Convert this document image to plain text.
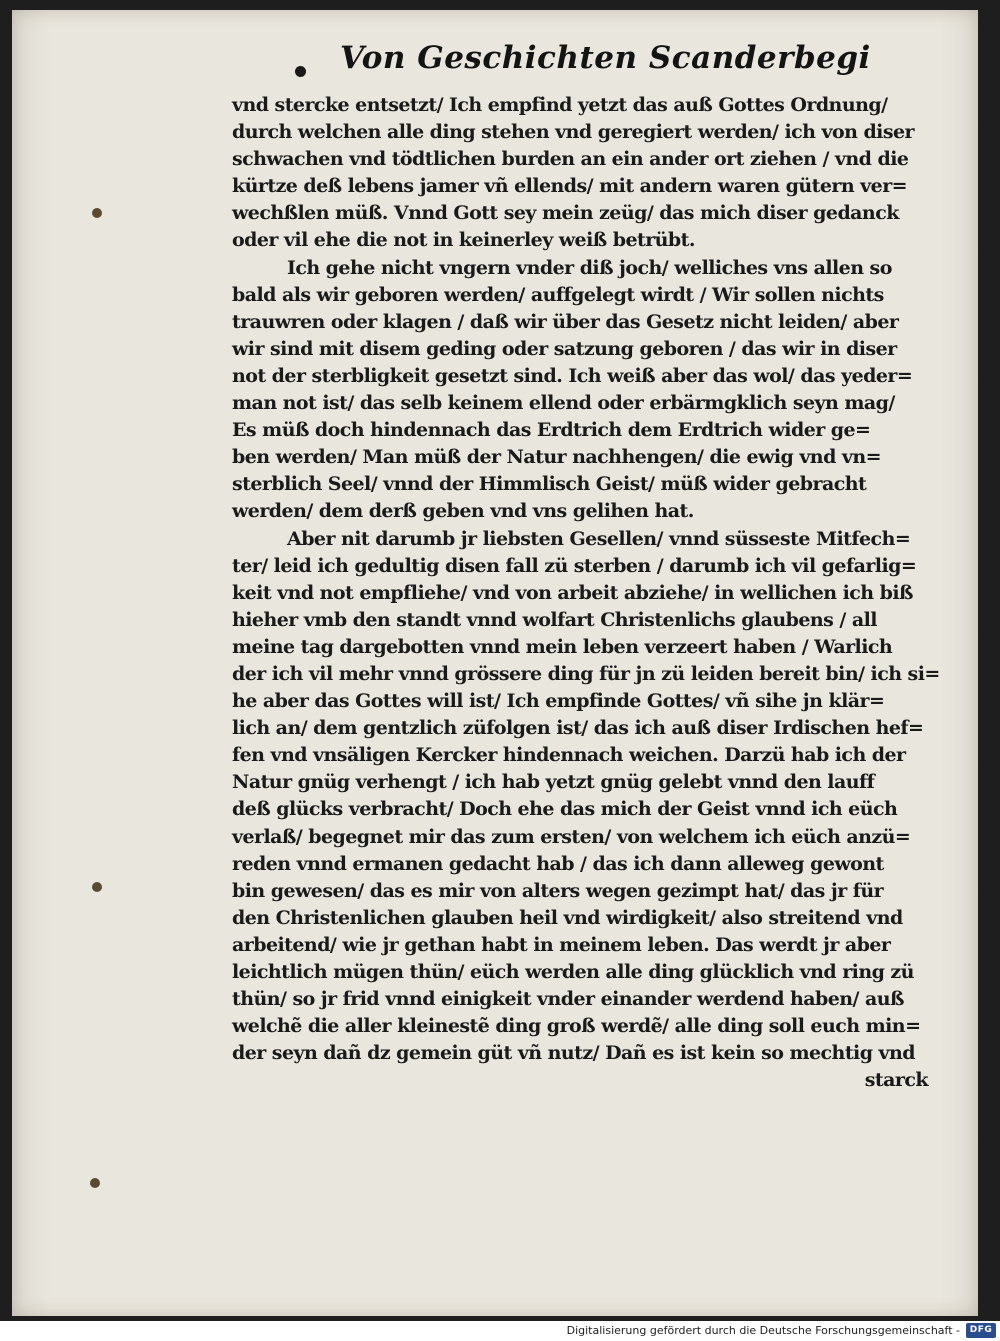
Von Geschichten Scanderbegi
vnd stercke entsetzt/ Ich empfind yetzt das auß Gottes Ordnung/
durch welchen alle ding stehen vnd geregiert werden/ ich von diser
schwachen vnd tödtlichen burden an ein ander ort ziehen / vnd die
kürtze deß lebens jamer vñ ellends/ mit andern waren gütern ver=
wechßlen müß. Vnnd Gott sey mein zeüg/ das mich diser gedanck
oder vil ehe die not in keinerley weiß betrübt.
Ich gehe nicht vngern vnder diß joch/ welliches vns allen so
bald als wir geboren werden/ auffgelegt wirdt / Wir sollen nichts
trauwren oder klagen / daß wir über das Gesetz nicht leiden/ aber
wir sind mit disem geding oder satzung geboren / das wir in diser
not der sterbligkeit gesetzt sind. Ich weiß aber das wol/ das yeder=
man not ist/ das selb keinem ellend oder erbärmgklich seyn mag/
Es müß doch hindennach das Erdtrich dem Erdtrich wider ge=
ben werden/ Man müß der Natur nachhengen/ die ewig vnd vn=
sterblich Seel/ vnnd der Himmlisch Geist/ müß wider gebracht
werden/ dem derß geben vnd vns gelihen hat.
Aber nit darumb jr liebsten Gesellen/ vnnd süsseste Mitfech=
ter/ leid ich gedultig disen fall zü sterben / darumb ich vil gefarlig=
keit vnd not empfliehe/ vnd von arbeit abziehe/ in wellichen ich biß
hieher vmb den standt vnnd wolfart Christenlichs glaubens / all
meine tag dargebotten vnnd mein leben verzeert haben / Warlich
der ich vil mehr vnnd grössere ding für jn zü leiden bereit bin/ ich si=
he aber das Gottes will ist/ Ich empfinde Gottes/ vñ sihe jn klär=
lich an/ dem gentzlich züfolgen ist/ das ich auß diser Irdischen hef=
fen vnd vnsäligen Kercker hindennach weichen. Darzü hab ich der
Natur gnüg verhengt / ich hab yetzt gnüg gelebt vnnd den lauff
deß glücks verbracht/ Doch ehe das mich der Geist vnnd ich eüch
verlaß/ begegnet mir das zum ersten/ von welchem ich eüch anzü=
reden vnnd ermanen gedacht hab / das ich dann alleweg gewont
bin gewesen/ das es mir von alters wegen gezimpt hat/ das jr für
den Christenlichen glauben heil vnd wirdigkeit/ also streitend vnd
arbeitend/ wie jr gethan habt in meinem leben. Das werdt jr aber
leichtlich mügen thün/ eüch werden alle ding glücklich vnd ring zü
thün/ so jr frid vnnd einigkeit vnder einander werdend haben/ auß
welchẽ die aller kleinestẽ ding groß werdẽ/ alle ding soll euch min=
der seyn dañ dz gemein güt vñ nutz/ Dañ es ist kein so mechtig vnd
starck
Digitalisierung gefördert durch die Deutsche Forschungsgemeinschaft -	DFG
